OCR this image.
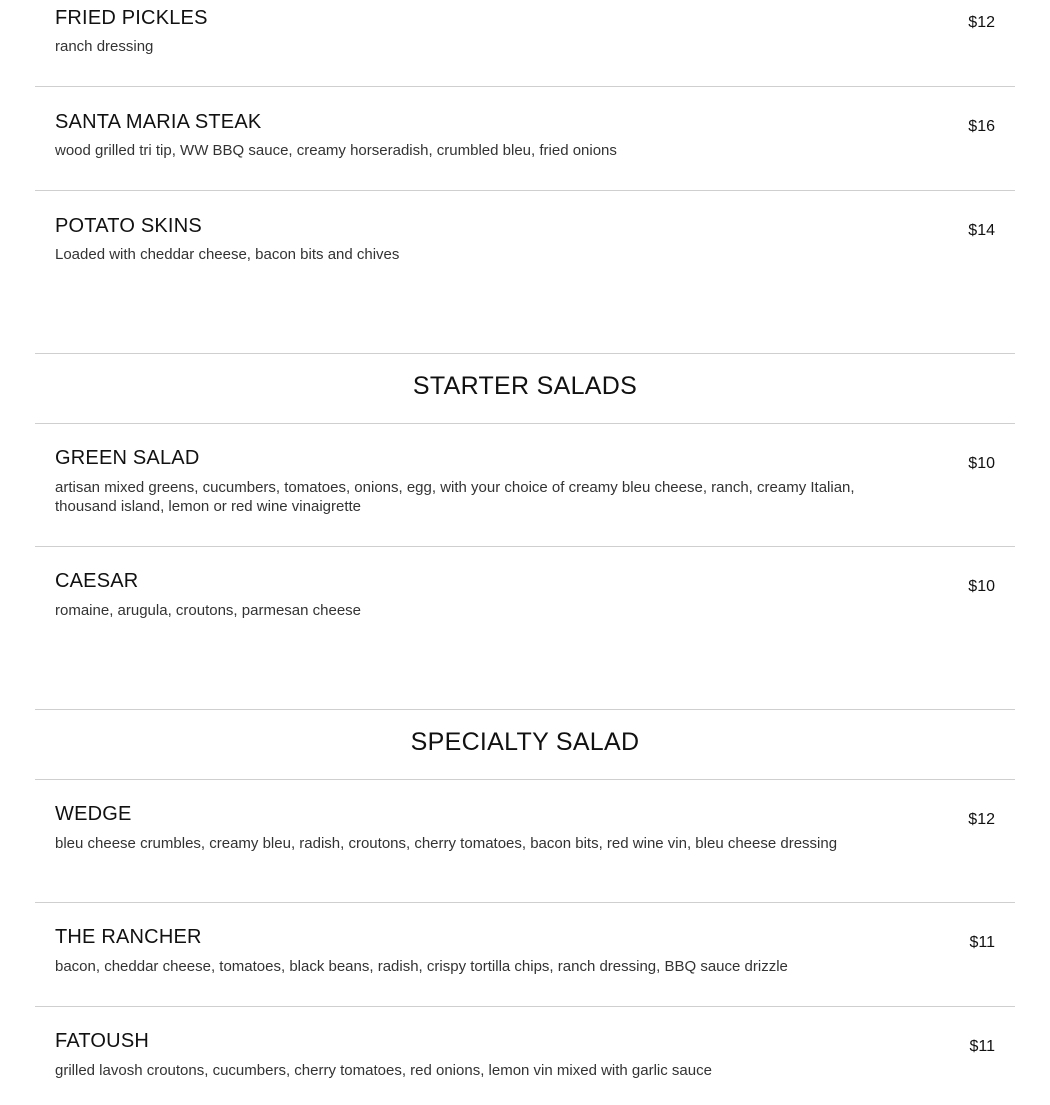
FRIED PICKLES
ranch dressing
$12
SANTA MARIA STEAK
wood grilled tri tip, WW BBQ sauce, creamy horseradish, crumbled bleu, fried onions
$16
POTATO SKINS
Loaded with cheddar cheese, bacon bits and chives
$14
STARTER SALADS
GREEN SALAD
artisan mixed greens, cucumbers, tomatoes, onions, egg, with your choice of creamy bleu cheese, ranch, creamy Italian, thousand island, lemon or red wine vinaigrette
$10
CAESAR
romaine, arugula, croutons, parmesan cheese
$10
SPECIALTY SALAD
WEDGE
bleu cheese crumbles, creamy bleu, radish, croutons, cherry tomatoes, bacon bits, red wine vin, bleu cheese dressing
$12
THE RANCHER
bacon, cheddar cheese, tomatoes, black beans, radish, crispy tortilla chips, ranch dressing, BBQ sauce drizzle
$11
FATOUSH
grilled lavosh croutons, cucumbers, cherry tomatoes, red onions, lemon vin mixed with garlic sauce
$11
